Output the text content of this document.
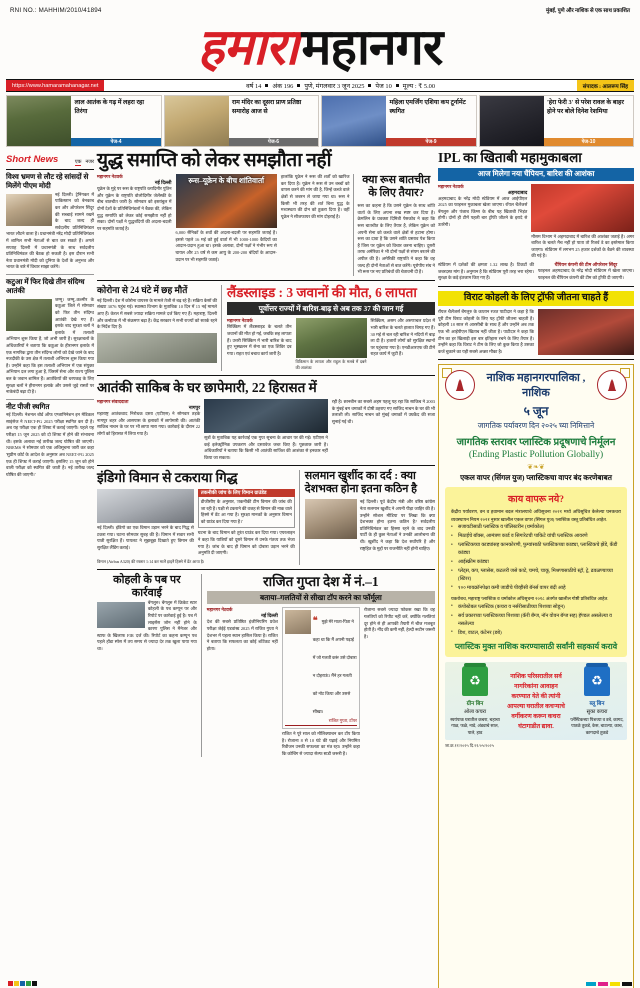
RNI NO.: MAHHIM/2010/41894	मुंबई, पुणे और नाशिक से एक साथ प्रकाशित
हमारा महानगर
https://www.hamaramahanagar.net	वर्ष 14 अंक 196 पुणे, मंगलवार 3 जून 2025 पेज 10 मूल्य : ₹ 5.00	संपादक : आलरूप सिंह
लाल आतंक के गढ़ में लहरा रहा तिरंगा
पेज-4
राम मंदिर का दूसरा प्राण प्रतिष्ठा समारोह आज से
पेज-6
महिला एमर्जिंग एशिया कप टूर्नामेंट स्थगित
पेज-9
'हेरा फेरी 3' से परेश रावल के बाहर होने पर बोले दिनेश रेशमिया
पेज-10
Short News	एक नजर
विश्व भ्रमण से लौट रहे सांसदों से मिलेंगे पीएम मोदी
नई दिल्ली। ट्रेनिंगकर में पाकिस्तान को बेनकाब कर और ऑपरेशन सिंदूर की सच्चाई सामने रखने के बाद जल्द ही सर्वदलीय प्रतिनिधिमंडल भारत लौटने वाला है। प्रधानमंत्री नरेंद्र मोदी प्रतिनिधिमंडल में शामिल सभी नेताओं से बात कर सकते हैं। अगले सप्ताह दिल्ली में प्रधानमंत्री के साथ सर्वदलीय प्रतिनिधिमंडल की बैठक हो सकती है। इस दौरान सभी नेता प्रधानमंत्री मोदी को दुनिया के देशों के अनुभव और भारत के बारे में विचार साझा करेंगे।
कटुआ में फिर दिखे तीन संदिग्ध आतंकी
जम्मू। जम्मू–कश्मीर के कठुआ जिले में सोमवार को फिर तीन संदिग्ध आतंकी देखे गए हैं। इसके बाद सुरक्षा बलों ने इलाके में तलाशी अभियान शुरू किया है, जो अभी जारी है। सुरक्षाबलों के अधिकारियों ने बताया कि कठुआ के हीरानगर इलाके में एक नागरिक द्वारा तीन संदिग्ध लोगों को देखे जाने के बाद नजदीकी के उस क्षेत्र में तलाशी अभियान शुरू किया गया है। उन्होंने कहा कि इस तलाशी अभियान में एक संयुक्त अभियान दल लगा हुआ है, जिसमें सेना और राज्य पुलिस बल के जवान शामिल हैं। आतंकियों की धरपकड़ के लिए सुरक्षा बलों ने हीरानगर इलाके और उससे जुड़े रास्तों पर नाकेबंदी बढ़ा दी है।
नीट पीजी स्थगित
नई दिल्ली। नेशनल बोर्ड ऑफ एग्जामिनेशन इन मेडिकल साइंसेज ने NEET-PG 2025 परीक्षा स्थगित कर दी है। अब यह परीक्षा एक ही शिफ्ट में कराई जाएगी। पहले यह परीक्षा 15 जून 2025 को दो शिफ्ट में होने की संभावना थी। इसके अलावा नई तारीख जल्द घोषित की जाएगी। NBEMS ने सोमवार को एक अधिसूचना जारी कर कहा 'सुप्रीम कोर्ट के आदेश के अनुसार अब NEET-PG 2025 एक ही शिफ्ट में कराई जाएगी। इसलिए 15 जून को होने वाली परीक्षा को स्थगित की जाती है। नई तारीख जल्द घोषित की जाएगी।'
युद्ध समाप्ति को लेकर समझौता नहीं
महानगर नेटवर्क
नई दिल्ली
यूक्रेन के मुद्दे पर रूस के राष्ट्रपति व्लादिमीर पुतिन और यूक्रेन के राष्ट्रपति वोलोदिमीर जेलेंस्की के बीच बातचीत जारी है। सोमवार को इस्तांबुल में दोनों देशों के प्रतिनिधिमंडलों ने बैठक की, लेकिन युद्ध समाप्ति को लेकर कोई समझौता नहीं हो सका। दोनों पक्षों ने युद्धबंदियों की अदला-बदली पर सहमति जताई है।
रूस–यूक्रेन के बीच शांतिवार्ता
6,000 सैनिकों के शवों की अदला-बदली पर सहमति जताई है। इससे पहले 16 मई को हुई वार्ता में भी 1000-1000 कैदियों का आदान-प्रदान हुआ था। इसके अलावा, दोनों पक्षों ने गंभीर रूप से घायल और 25 वर्ष से कम आयु के 200-200 बंदियों के आदान-प्रदान पर भी सहमति जताई।
हालांकि यूक्रेन ने रूस की शर्तों को खारिज कर दिया है। यूक्रेन ने रूस से उन बच्चों को वापस करने की मांग की है, जिन्हें कब्जे वाले क्षेत्रों से जबरन ले जाया गया था। रूस ने किसी भी तरह की शर्त बिना युद्ध के मध्यस्थता की दोन को ठुकरा दिया है। वहीं यूक्रेन ने सीजफायर की मांग दोहराई है।
क्या रूस बातचीत के लिए तैयार?
रूस का कहना है कि उसने यूक्रेन के साथ शांति वार्ता के लिए अपना रुख स्पष्ट कर दिया है। क्रेमलिन के प्रवक्ता दिमित्री पेसकोव ने कहा कि रूस बातचीत के लिए तैयार है, लेकिन यूक्रेन को अपनी सेना को कब्जे वाले क्षेत्रों से हटाना होगा। रूस का दावा है कि उसने शांति प्रस्ताव पेश किया है जिस पर यूक्रेन को विचार करना चाहिए। दूसरी तरफ अमेरिका ने भी दोनों पक्षों से संयम बरतने की अपील की है। अमेरिकी राष्ट्रपति ने कहा कि वह जल्द ही दोनों नेताओं से बात करेंगे। यूरोपीय संघ ने भी रूस पर नए प्रतिबंधों की चेतावनी दी है।
कोरोना से 24 घंटे में छह मौतें
नई दिल्ली। देश में कोरोना वायरस के मामले तेजी से बढ़ रहे हैं। सक्रिय केसों की संख्या 3076 पहुंच गई। स्वास्थ्य विभाग के मुताबिक 10 दिन में 15 नई मामले आए हैं। केरल में सबसे ज्यादा सक्रिय मामले दर्ज किए गए हैं। महाराष्ट्र, दिल्ली और कर्नाटक में भी संक्रमण बढ़ा है। केंद्र सरकार ने सभी राज्यों को सतर्क रहने के निर्देश दिए हैं।
लैंडस्लाइड : 3 जवानों की मौत, 6 लापता
पूर्वोत्तर राज्यों में बारिश-बाढ़ से अब तक 37 की जान गई
महानगर नेटवर्क
सिक्किम में लैंडस्लाइड के चलते तीन जवानों की मौत हो गई, जबकि छह लापता हैं। उत्तरी सिक्किम में भारी बारिश के बाद हुए भूस्खलन में सेना का एक शिविर दब गया। राहत एवं बचाव कार्य जारी है।
विकिमान के लापता और राहुल के मलबे में दबने की आशंका
सिक्किम, असम और अरुणाचल प्रदेश में भारी बारिश के चलते हालात बिगड़ गए हैं। 30 मई से चल रही बारिश ने नदियों में बाढ़ ला दी है। हजारों लोगों को सुरक्षित स्थानों पर पहुंचाया गया है। एनडीआरएफ की टीमें राहत कार्य में जुटी हैं।
आतंकी साकिब के घर छापेमारी, 22 हिरासत में
महानगर संवाददाता
नागपुर
महाराष्ट्र आतंकवाद निरोधक दस्ता (एटीएस) ने सोमवार तड़के नागपुर शहर और आसपास के इलाकों में छापेमारी की। आतंकी साकिब नाचन के घर पर भी छापा मारा गया। कार्रवाई के दौरान 22 लोगों को हिरासत में लिया गया है।
सूत्रों के मुताबिक यह कार्रवाई एक गुप्त सूचना के आधार पर की गई। एटीएस ने कई इलेक्ट्रॉनिक उपकरण और दस्तावेज जब्त किए हैं। पूछताछ जारी है। अधिकारियों ने बताया कि किसी भी आतंकी साजिश की आशंका से इनकार नहीं किया जा सकता।
रही है। छानबीन का सबसे अहम पहलू यह रहा कि साकिब ने 2003 के मुंबई बम धमाकों में दोषी ठहराए गए साजिद नाचन के घर की भी तलाशी ली। साजिद नाचन को मुंबई धमाकों में उम्रकैद की सजा सुनाई गई थी।
इंडिगो विमान से टकराया गिद्ध
नई दिल्ली। इंडिगो का एक विमान उड़ान भरने के बाद गिद्ध से टकरा गया। घटना सोमवार सुबह की है। विमान में सवार सभी यात्री सुरक्षित हैं। पायलट ने सूझबूझ दिखाते हुए विमान की सुरक्षित लैंडिंग कराई।
तकनीकी जांच के लिए विमान ग्राउंडेड
डीजीसीए के अनुसार, 'तकनीकी टीम विमान की जांच की जा रही है। पक्षी से टकराने की वजह से विमान की नाक वाले हिस्से में डेंट आ गया है। सुरक्षा मानकों के अनुसार विमान को ग्राउंड कर दिया गया है।'
घटना के बाद विमान को तुरंत ग्राउंड कर दिया गया। एयरलाइन ने कहा कि यात्रियों को दूसरे विमान से उनके गंतव्य तक भेजा गया है। जांच के बाद ही विमान को दोबारा उड़ान भरने की अनुमति दी जाएगी।
विमान (Airbus A320) की रफ्तार 1:14 कर मालेे हाइनेे हिस्से में डेंट आया है।
सलमान खुर्शीद का दर्द : क्या देशभक्त होना इतना कठिन है
नई दिल्ली। पूर्व केंद्रीय मंत्री और वरिष्ठ कांग्रेस नेता सलमान खुर्शीद ने अपनी पीड़ा जाहिर की है। उन्होंने सोशल मीडिया पर लिखा कि क्या देशभक्त होना इतना कठिन है? सर्वदलीय प्रतिनिधिमंडल का हिस्सा रहने के बाद उनकी पार्टी के ही कुछ नेताओं ने उनकी आलोचना की थी। खुर्शीद ने कहा कि देश सर्वोपरि है और राष्ट्रहित के मुद्दों पर राजनीति नहीं होनी चाहिए।
कोहली के पब पर कार्रवाई
बेंगलुरु। बेंगलुरु में क्रिकेट स्टार कोहली के पब कम्यून पर और रिपोर्ट पर कार्रवाई हुई है। पब में लाइसेंस जोन नहीं होने के कारण पुलिस ने मैनेजर और स्टाफ के खिलाफ FIR दर्ज की। रिपोर्ट का कहना कम्यून पब पहले होंडा स्पेस में तय समय से ज्यादा देर तक खुला पाया गया था।
राजित गुप्ता देश में नं.–1
बताया–गलतियों से सीखा टॉप करने का फॉर्मूला
महानगर नेटवर्क
नई दिल्ली
देश की सबसे प्रतिष्ठित इंजीनियरिंग प्रवेश परीक्षा जेईई एडवांस्ड 2025 में राजित गुप्ता ने देशभर में पहला स्थान हासिल किया है। राजित ने बताया कि सफलता का कोई शॉर्टकट नहीं होता।
❝ मुझे मेरे माता-पिता ने कहा था कि मैं अपनी पढ़ाई में जो गलती करूं उसे दोबारा न दोहराऊं। मैंने हर गलती को नोट किया और उससे सीखा।
राजित गुप्ता, टॉपर
राजित ने पूरे साल को मौलिक्याचन कर टॉप किया है। रोजाना 8 से 10 घंटे की पढ़ाई और नियमित रिवीजन उनकी सफलता का मंत्र रहा। उन्होंने कहा कि कोचिंग से ज्यादा सेल्फ स्टडी जरूरी है।
रोजाना सबसे ज्यादा फोकस रखा कि वह गलतियों को रिपीट नहीं करें, क्योंकि गलतियां दूर होने से ही आपकी तैयारी में चीज मजबूत होती है। नींद की कमी नहीं, हेल्दी रूटीन जरूरी है।
IPL का खिताबी महामुकाबला
आज मिलेगा नया चैंपियन, बारिश की आशंका
महानगर नेटवर्क
अहमदाबाद
अहमदाबाद के नरेंद्र मोदी स्टेडियम में आज आईपीएल 2025 का फाइनल मुकाबला खेला जाएगा। रॉयल चैलेंजर्स बेंगलुरु और पंजाब किंग्स के बीच यह खिताबी भिड़ंत होगी। दोनों ही टीमें पहली बार ट्रॉफी जीतने के इरादे से उतरेंगी।
मौसम विभाग ने अहमदाबाद में बारिश की आशंका जताई है। अगर बारिश के चलते मैच नहीं हो पाता तो रिजर्व डे का इस्तेमाल किया जाएगा। स्टेडियम में लगभग 25 हजार दर्शकों के बैठने की व्यवस्था की गई है।
स्टेडियम में दर्शकों की क्षमता 1.32 लाख है। टिकटों की जबरदस्त मांग है। अनुमान है कि स्टेडियम पूरी तरह भरा रहेगा। सुरक्षा के कड़े इंतजाम किए गए हैं।
चैंपियन कंपनी की टीम ऑपरेशन सिंदूर
फाइनल अहमदाबाद के नरेंद्र मोदी स्टेडियम में खेला जाएगा। फाइनल की चैंपियन कंपनी की टीम को ट्रॉफी दी जाएगी।
विराट कोहली के लिए ट्रॉफी जीतना चाहते हैं
रॉयल चैलेंजर्स बेंगलुरु के कप्तान रजत पाटीदार ने कहा है कि पूरी टीम विराट कोहली के लिए यह ट्रॉफी जीतना चाहती है। कोहली 18 साल से आरसीबी के साथ हैं और उन्होंने अब तक एक भी आईपीएल खिताब नहीं जीता है। पाटीदार ने कहा कि टीम का हर खिलाड़ी इस बार इतिहास रचने के लिए तैयार है। उन्होंने कहा कि विराट ने टीम के लिए जो कुछ किया है उसका कर्ज चुकाने का यही सबसे अच्छा मौका है।
नाशिक महानगरपालिका , नाशिक
५ जून
जागतिक पर्यावरण दिन २०२५ च्या निमित्ताने
जागतिक स्तरावर प्लास्टिक प्रदूषणाचे निर्मूलन
(Ending Plastic Pollution Globally)
❦❧❦
एकल वापर (सिंगल युज) प्लास्टिकचा वापर बंद करणेबाबत
काय वापरू नये?
केंद्रीय पर्यावरण, वन व हवामान बदल मंत्रालयाचे अधिसूचना २०२१ मध्ये अधिसूचित केलेल्या घनकचरा व्यवस्थापन नियम २०२१ नुसार खालील एकल वापर (सिंगल युज) प्लास्टिक वस्तू प्रतिबंधित आहेत.
• सजावटीसाठी प्लास्टिक व पॉलिस्टरीन (थर्माकोल)
• मिठाईचे बॉक्स, आमंत्रण कार्ड व सिगारेटची पाकिटे यांची प्लास्टिक आवरणे
• प्लास्टिकच्या काड्यांसह कानकोरणी, फुग्यांसाठी प्लास्टिकच्या काड्या, प्लास्टिकचे झेंडे, कँडी कांड्या
• आईस्क्रीम कांड्या
• प्लेट्स, कप, ग्लासेस, कटलरी जसे काटे, चमचे, चाकू, मिश्रणासाठीचे स्ट्रॉ, ट्रे, ढवळण्याच्या (स्टिरर)
• १०० मायक्रॉनपेक्षा कमी जाडीचे पीव्हीसी बॅनर्स वापर बंदी आहे
यकरोबच, महाराष्ट्र प्लास्टिक व थर्माकोल अधिसूचना २०१८ अंतर्गत खालील गोष्टी प्रतिबंधित आहेत.
• कंपोस्टेबल प्लास्टिक (कचरा व नर्सरीसाठीच्या पिशव्या सोडून)
• सर्व प्रकारच्या प्लास्टिकच्या पिशव्या (कॅरी बॅग्ज, नॉन वोवन बॅग्ज सह) हॅण्डल असलेल्या व नसलेल्या
• डिश, वाटल, कंटेनर (डबे)
प्लास्टिक मुक्त नाशिक करण्यासाठी सर्वांनी सहकार्य करावे
♻
ग्रीन बिन
ओला कचरा
स्वयंपाक घरातील कचरा, चहाचा गाळ, फळे, नाडे, अंड्याचे साल, पाले, हाड
नाशिक परिसरातील सर्व नागरिकांना आवाहन करण्यात येते की त्यांनी आपल्या घरातील कचऱ्याचे वर्गीकरण करून कचरा घंटागाडीत द्यावा.
♻
ब्लू बिन
सुका कचरा
प्लॅस्टिकच्या पिशव्या व डबे, कागद, पातळे तुकडे, केस, बाटल्या, काच, कागदाचे तुकडे
जा.क्र.११/२०२५ दि.२१/०५/२०२५
